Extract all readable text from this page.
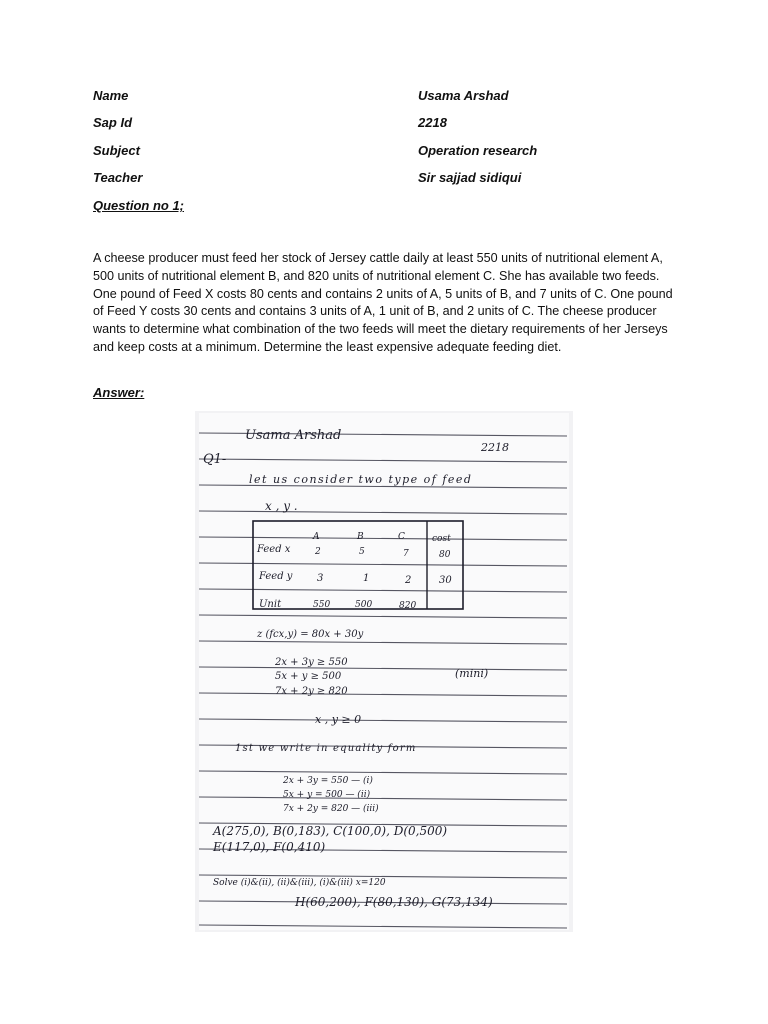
Name	Usama Arshad
Sap Id	2218
Subject	Operation research
Teacher	Sir sajjad sidiqui
Question no 1;
A cheese producer must feed her stock of Jersey cattle daily at least 550 units of nutritional element A, 500 units of nutritional element B, and 820 units of nutritional element C. She has available two feeds. One pound of Feed X costs 80 cents and contains 2 units of A, 5 units of B, and 7 units of C. One pound of Feed Y costs 30 cents and contains 3 units of A, 1 unit of B, and 2 units of C. The cheese producer wants to determine what combination of the two feeds will meet the dietary requirements of her Jerseys and keep costs at a minimum. Determine the least expensive adequate feeding diet.
Answer:
Usama Arshad
2218
Q1-
let us consider two type of feed
x , y .
A	B	C	cost
Feed x	2	5	7	80
Feed y 3	1	2	30
Unit	550	500	820
z (fcx,y) = 80x + 30y
2x + 3y ≥ 550
5x + y ≥ 500	(mini)
7x + 2y ≥ 820
x , y ≥ 0
1st we write in equality form
2x + 3y = 550 — (i)
5x + y = 500 — (ii)
7x + 2y = 820 — (iii)
A(275,0), B(0,183), C(100,0), D(0,500)
E(117,0), F(0,410)
Solve (i)&(ii), (ii)&(iii), (i)&(iii) x=120
H(60,200), F(80,130), G(73,134)
